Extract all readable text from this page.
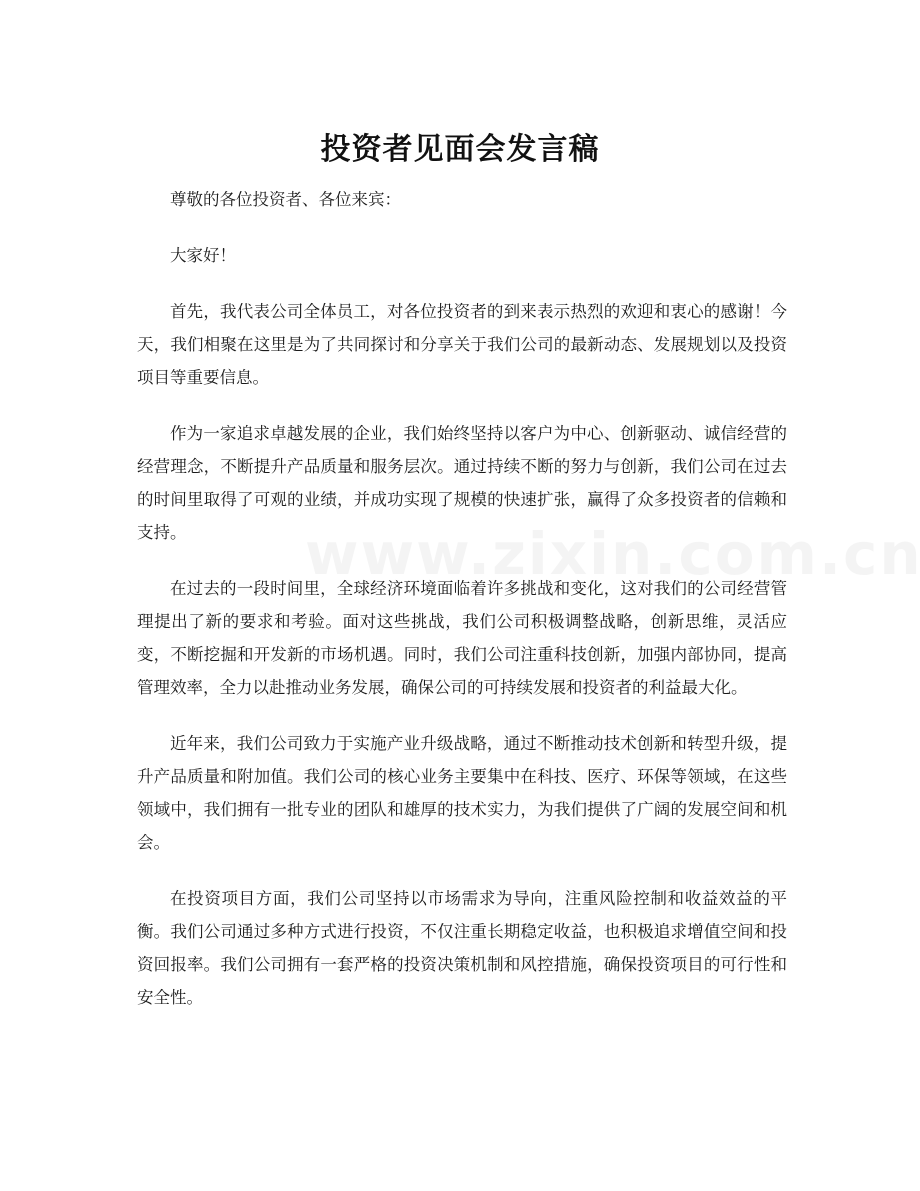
投资者见面会发言稿

尊敬的各位投资者、各位来宾：

大家好！

首先，我代表公司全体员工，对各位投资者的到来表示热烈的欢迎和衷心的感谢！今天，我们相聚在这里是为了共同探讨和分享关于我们公司的最新动态、发展规划以及投资项目等重要信息。

作为一家追求卓越发展的企业，我们始终坚持以客户为中心、创新驱动、诚信经营的经营理念，不断提升产品质量和服务层次。通过持续不断的努力与创新，我们公司在过去的时间里取得了可观的业绩，并成功实现了规模的快速扩张，赢得了众多投资者的信赖和支持。

在过去的一段时间里，全球经济环境面临着许多挑战和变化，这对我们的公司经营管理提出了新的要求和考验。面对这些挑战，我们公司积极调整战略，创新思维，灵活应变，不断挖掘和开发新的市场机遇。同时，我们公司注重科技创新，加强内部协同，提高管理效率，全力以赴推动业务发展，确保公司的可持续发展和投资者的利益最大化。

近年来，我们公司致力于实施产业升级战略，通过不断推动技术创新和转型升级，提升产品质量和附加值。我们公司的核心业务主要集中在科技、医疗、环保等领域，在这些领域中，我们拥有一批专业的团队和雄厚的技术实力，为我们提供了广阔的发展空间和机会。

在投资项目方面，我们公司坚持以市场需求为导向，注重风险控制和收益效益的平衡。我们公司通过多种方式进行投资，不仅注重长期稳定收益，也积极追求增值空间和投资回报率。我们公司拥有一套严格的投资决策机制和风控措施，确保投资项目的可行性和安全性。
